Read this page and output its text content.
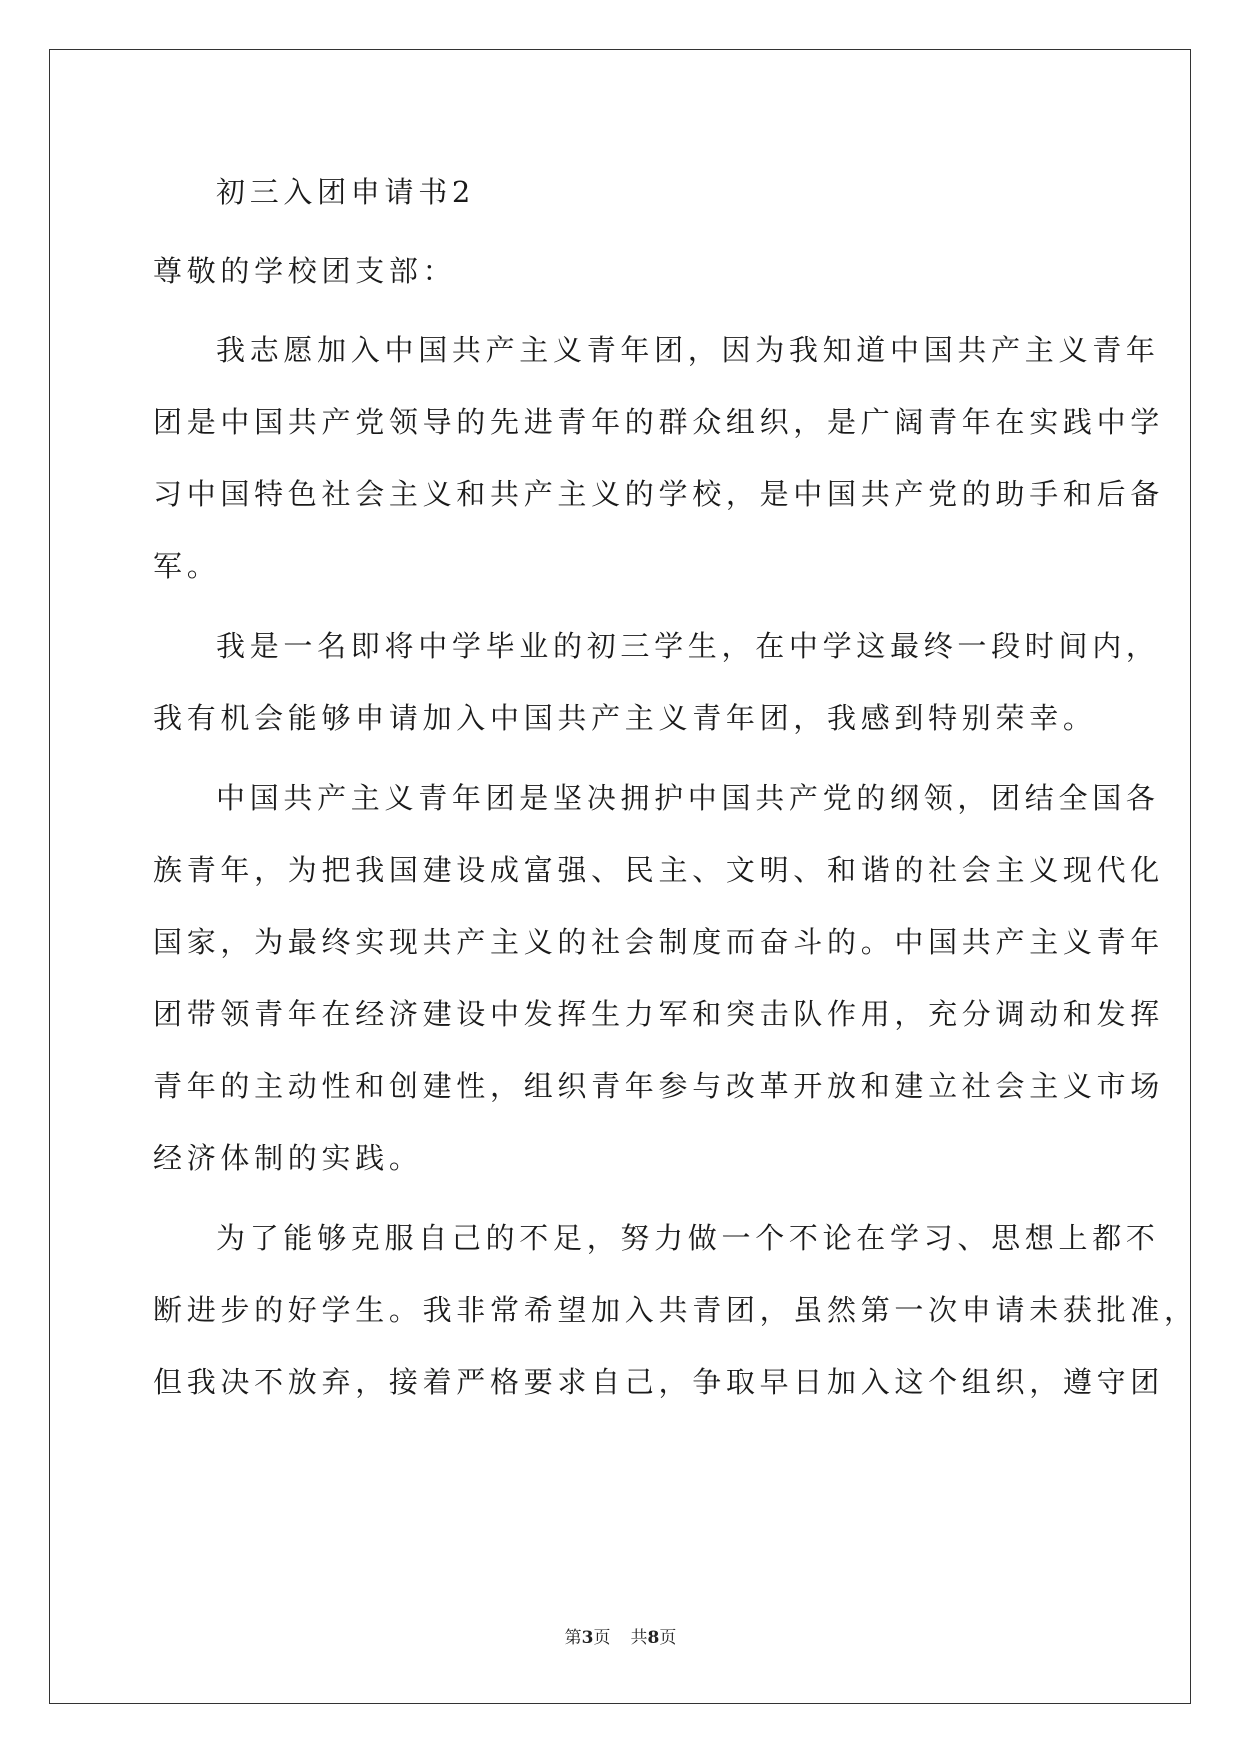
初三入团申请书2
尊敬的学校团支部：
我志愿加入中国共产主义青年团，因为我知道中国共产主义青年
团是中国共产党领导的先进青年的群众组织，是广阔青年在实践中学
习中国特色社会主义和共产主义的学校，是中国共产党的助手和后备
军。
我是一名即将中学毕业的初三学生，在中学这最终一段时间内，
我有机会能够申请加入中国共产主义青年团，我感到特别荣幸。
中国共产主义青年团是坚决拥护中国共产党的纲领，团结全国各
族青年，为把我国建设成富强、民主、文明、和谐的社会主义现代化
国家，为最终实现共产主义的社会制度而奋斗的。中国共产主义青年
团带领青年在经济建设中发挥生力军和突击队作用，充分调动和发挥
青年的主动性和创建性，组织青年参与改革开放和建立社会主义市场
经济体制的实践。
为了能够克服自己的不足，努力做一个不论在学习、思想上都不
断进步的好学生。我非常希望加入共青团，虽然第一次申请未获批准，
但我决不放弃，接着严格要求自己，争取早日加入这个组织，遵守团
第3页 共8页
